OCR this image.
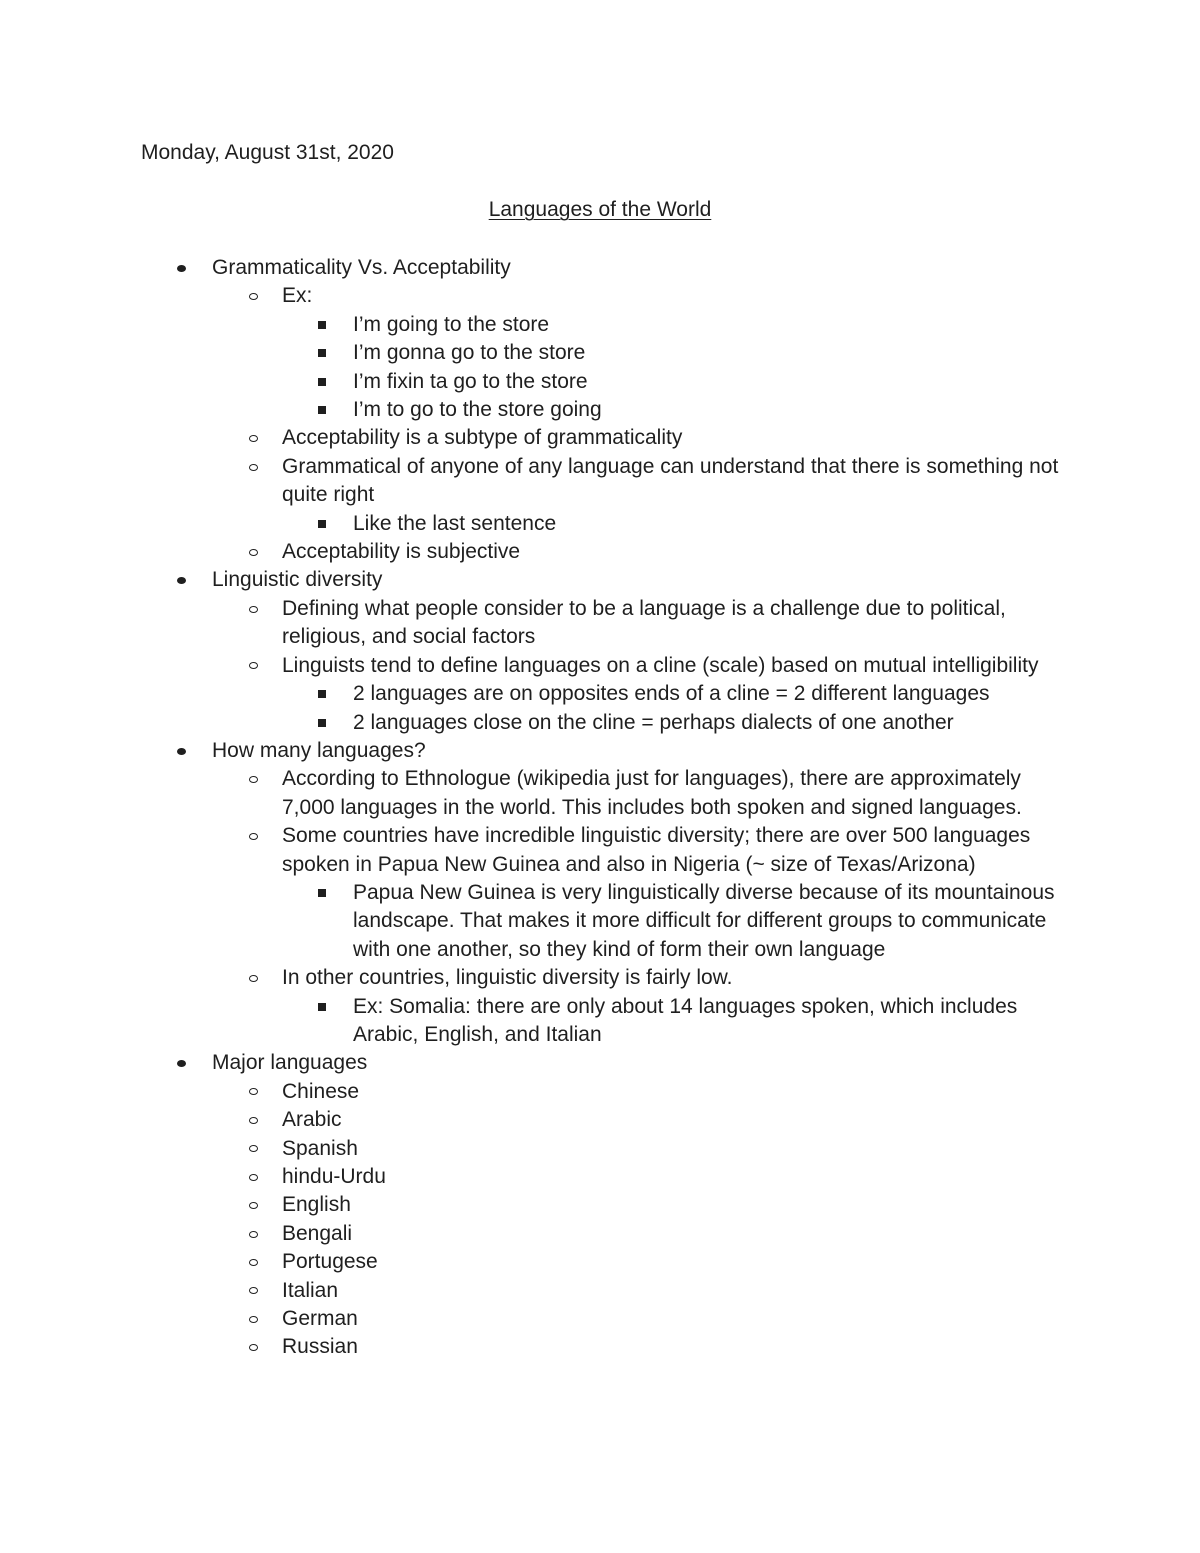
Monday, August 31st, 2020
Languages of the World
Grammaticality Vs. Acceptability
Ex:
I’m going to the store
I’m gonna go to the store
I’m fixin ta go to the store
I’m to go to the store going
Acceptability is a subtype of grammaticality
Grammatical of anyone of any language can understand that there is something not quite right
Like the last sentence
Acceptability is subjective
Linguistic diversity
Defining what people consider to be a language is a challenge due to political, religious, and social factors
Linguists tend to define languages on a cline (scale) based on mutual intelligibility
2 languages are on opposites ends of a cline = 2 different languages
2 languages close on the cline = perhaps dialects of one another
How many languages?
According to Ethnologue (wikipedia just for languages), there are approximately 7,000 languages in the world. This includes both spoken and signed languages.
Some countries have incredible linguistic diversity; there are over 500 languages spoken in Papua New Guinea and also in Nigeria (~ size of Texas/Arizona)
Papua New Guinea is very linguistically diverse because of its mountainous landscape. That makes it more difficult for different groups to communicate with one another, so they kind of form their own language
In other countries, linguistic diversity is fairly low.
Ex: Somalia: there are only about 14 languages spoken, which includes Arabic, English, and Italian
Major languages
Chinese
Arabic
Spanish
hindu-Urdu
English
Bengali
Portugese
Italian
German
Russian
